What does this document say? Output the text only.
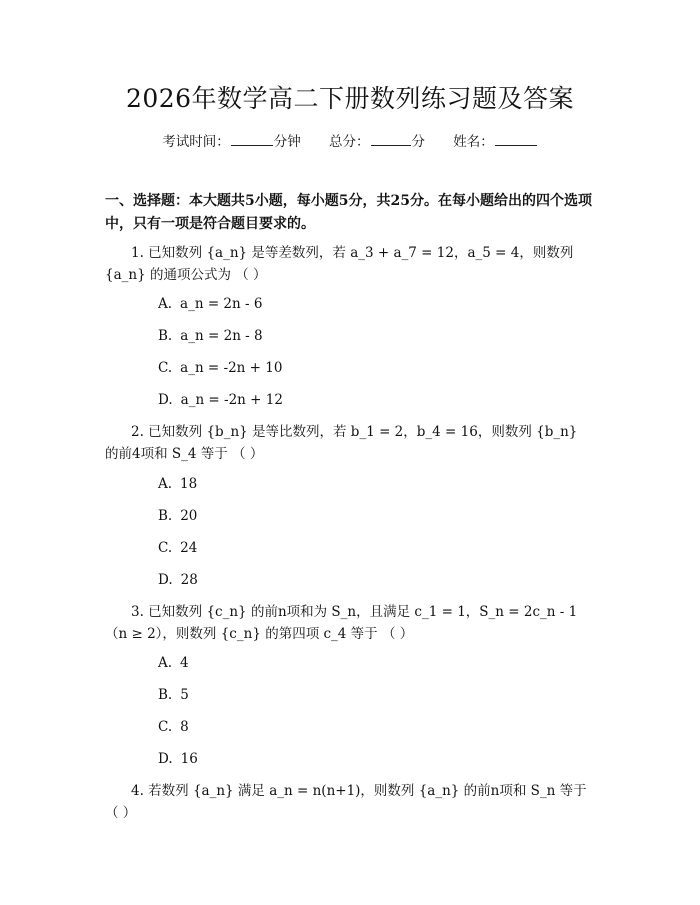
2026年数学高二下册数列练习题及答案
考试时间：	分钟 总分：	分 姓名：
一、选择题：本大题共5小题，每小题5分，共25分。在每小题给出的四个选项中，只有一项是符合题目要求的。
1. 已知数列 {a_n} 是等差数列，若 a_3 + a_7 = 12，a_5 = 4，则数列 {a_n} 的通项公式为 （ ）
A. a_n = 2n - 6
B. a_n = 2n - 8
C. a_n = -2n + 10
D. a_n = -2n + 12
2. 已知数列 {b_n} 是等比数列，若 b_1 = 2，b_4 = 16，则数列 {b_n} 的前4项和 S_4 等于 （ ）
A. 18
B. 20
C. 24
D. 28
3. 已知数列 {c_n} 的前n项和为 S_n，且满足 c_1 = 1，S_n = 2c_n - 1 （n ≥ 2），则数列 {c_n} 的第四项 c_4 等于 （ ）
A. 4
B. 5
C. 8
D. 16
4. 若数列 {a_n} 满足 a_n = n(n+1)，则数列 {a_n} 的前n项和 S_n 等于 （ ）
